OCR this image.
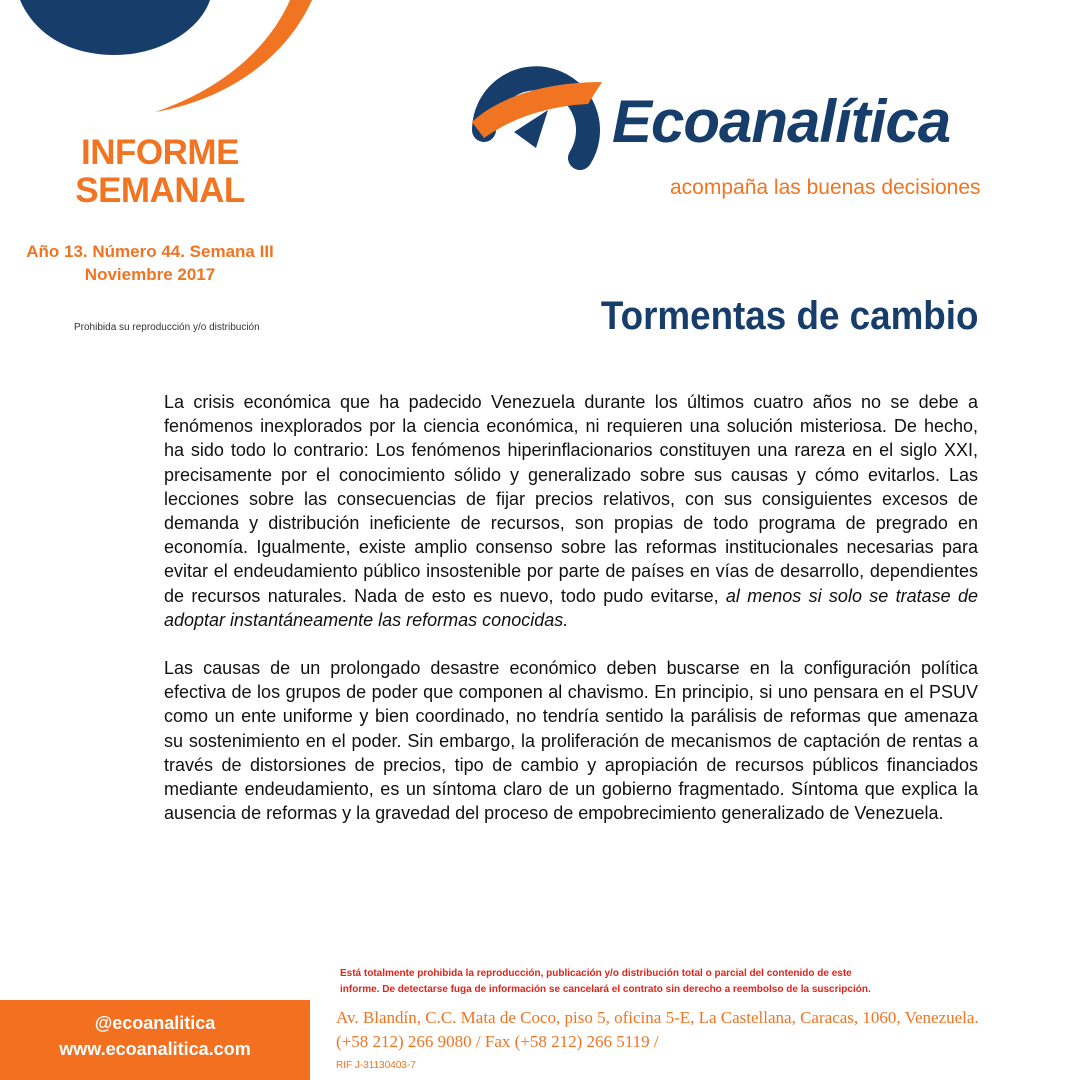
INFORME
SEMANAL
Año 13. Número 44. Semana III
Noviembre 2017
Prohibida su reproducción y/o distribución
Ecoanalítica
acompaña las buenas decisiones
Tormentas de cambio

La crisis económica que ha padecido Venezuela durante los últimos cuatro años no se debe a fenómenos inexplorados por la ciencia económica, ni requieren una solución misteriosa. De hecho, ha sido todo lo contrario: Los fenómenos hiperinflacionarios constituyen una rareza en el siglo XXI, precisamente por el conocimiento sólido y generalizado sobre sus causas y cómo evitarlos. Las lecciones sobre las consecuencias de fijar precios relativos, con sus consiguientes excesos de demanda y distribución ineficiente de recursos, son propias de todo programa de pregrado en economía. Igualmente, existe amplio consenso sobre las reformas institucionales necesarias para evitar el endeudamiento público insostenible por parte de países en vías de desarrollo, dependientes de recursos naturales. Nada de esto es nuevo, todo pudo evitarse, al menos si solo se tratase de adoptar instantáneamente las reformas conocidas.

Las causas de un prolongado desastre económico deben buscarse en la configuración política efectiva de los grupos de poder que componen al chavismo. En principio, si uno pensara en el PSUV como un ente uniforme y bien coordinado, no tendría sentido la parálisis de reformas que amenaza su sostenimiento en el poder. Sin embargo, la proliferación de mecanismos de captación de rentas a través de distorsiones de precios, tipo de cambio y apropiación de recursos públicos financiados mediante endeudamiento, es un síntoma claro de un gobierno fragmentado. Síntoma que explica la ausencia de reformas y la gravedad del proceso de empobrecimiento generalizado de Venezuela.

Está totalmente prohibida la reproducción, publicación y/o distribución total o parcial del contenido de este
informe. De detectarse fuga de información se cancelará el contrato sin derecho a reembolso de la suscripción.
@ecoanalitica
www.ecoanalitica.com
Av. Blandín, C.C. Mata de Coco, piso 5, oficina 5-E, La Castellana, Caracas, 1060, Venezuela.
(+58 212) 266 9080 / Fax (+58 212) 266 5119 /
RIF J-31130403-7
